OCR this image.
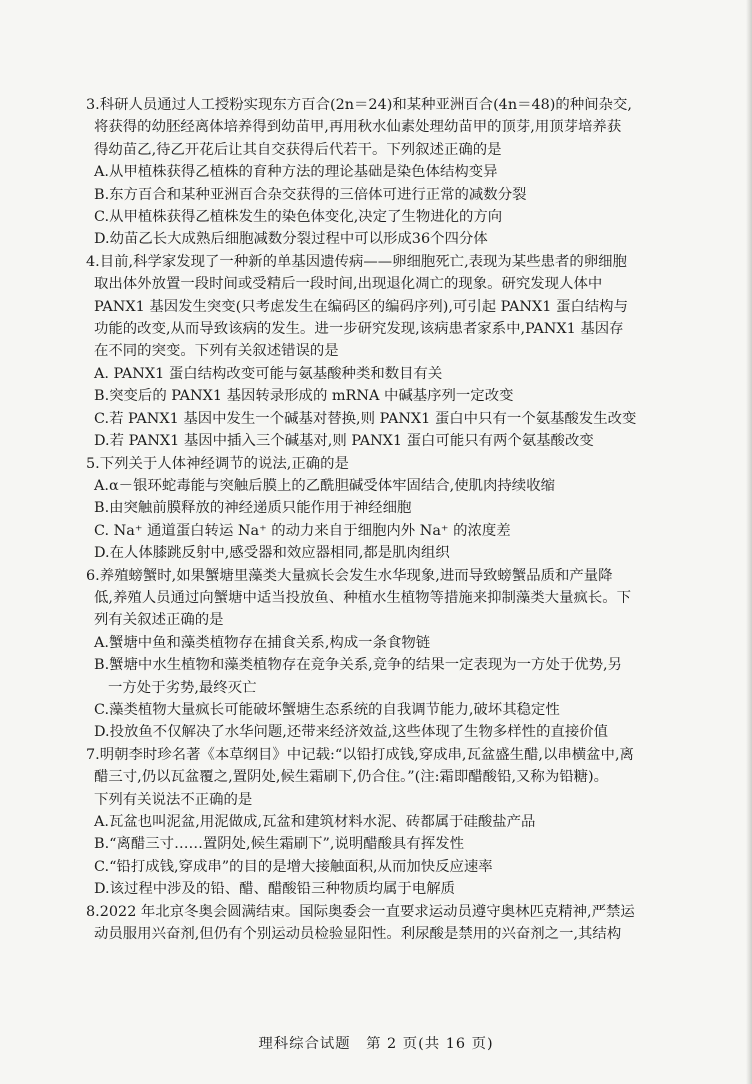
3.科研人员通过人工授粉实现东方百合(2n＝24)和某种亚洲百合(4n＝48)的种间杂交,
将获得的幼胚经离体培养得到幼苗甲,再用秋水仙素处理幼苗甲的顶芽,用顶芽培养获
得幼苗乙,待乙开花后让其自交获得后代若干。下列叙述正确的是
A.从甲植株获得乙植株的育种方法的理论基础是染色体结构变异
B.东方百合和某种亚洲百合杂交获得的三倍体可进行正常的减数分裂
C.从甲植株获得乙植株发生的染色体变化,决定了生物进化的方向
D.幼苗乙长大成熟后细胞减数分裂过程中可以形成36个四分体
4.目前,科学家发现了一种新的单基因遗传病——卵细胞死亡,表现为某些患者的卵细胞
取出体外放置一段时间或受精后一段时间,出现退化凋亡的现象。研究发现人体中
PANX1 基因发生突变(只考虑发生在编码区的编码序列),可引起 PANX1 蛋白结构与
功能的改变,从而导致该病的发生。进一步研究发现,该病患者家系中,PANX1 基因存
在不同的突变。下列有关叙述错误的是
A. PANX1 蛋白结构改变可能与氨基酸种类和数目有关
B.突变后的 PANX1 基因转录形成的 mRNA 中碱基序列一定改变
C.若 PANX1 基因中发生一个碱基对替换,则 PANX1 蛋白中只有一个氨基酸发生改变
D.若 PANX1 基因中插入三个碱基对,则 PANX1 蛋白可能只有两个氨基酸改变
5.下列关于人体神经调节的说法,正确的是
A.α－银环蛇毒能与突触后膜上的乙酰胆碱受体牢固结合,使肌肉持续收缩
B.由突触前膜释放的神经递质只能作用于神经细胞
C. Na⁺ 通道蛋白转运 Na⁺ 的动力来自于细胞内外 Na⁺ 的浓度差
D.在人体膝跳反射中,感受器和效应器相同,都是肌肉组织
6.养殖螃蟹时,如果蟹塘里藻类大量疯长会发生水华现象,进而导致螃蟹品质和产量降
低,养殖人员通过向蟹塘中适当投放鱼、种植水生植物等措施来抑制藻类大量疯长。下
列有关叙述正确的是
A.蟹塘中鱼和藻类植物存在捕食关系,构成一条食物链
B.蟹塘中水生植物和藻类植物存在竞争关系,竞争的结果一定表现为一方处于优势,另
一方处于劣势,最终灭亡
C.藻类植物大量疯长可能破坏蟹塘生态系统的自我调节能力,破坏其稳定性
D.投放鱼不仅解决了水华问题,还带来经济效益,这些体现了生物多样性的直接价值
7.明朝李时珍名著《本草纲目》中记载:“以铅打成钱,穿成串,瓦盆盛生醋,以串横盆中,离
醋三寸,仍以瓦盆覆之,置阴处,候生霜刷下,仍合住。”(注:霜即醋酸铅,又称为铅糖)。
下列有关说法不正确的是
A.瓦盆也叫泥盆,用泥做成,瓦盆和建筑材料水泥、砖都属于硅酸盐产品
B.“离醋三寸……置阴处,候生霜刷下”,说明醋酸具有挥发性
C.“铅打成钱,穿成串”的目的是增大接触面积,从而加快反应速率
D.该过程中涉及的铅、醋、醋酸铅三种物质均属于电解质
8.2022 年北京冬奥会圆满结束。国际奥委会一直要求运动员遵守奥林匹克精神,严禁运
动员服用兴奋剂,但仍有个别运动员检验显阳性。利尿酸是禁用的兴奋剂之一,其结构
理科综合试题　第 2 页(共 16 页)
